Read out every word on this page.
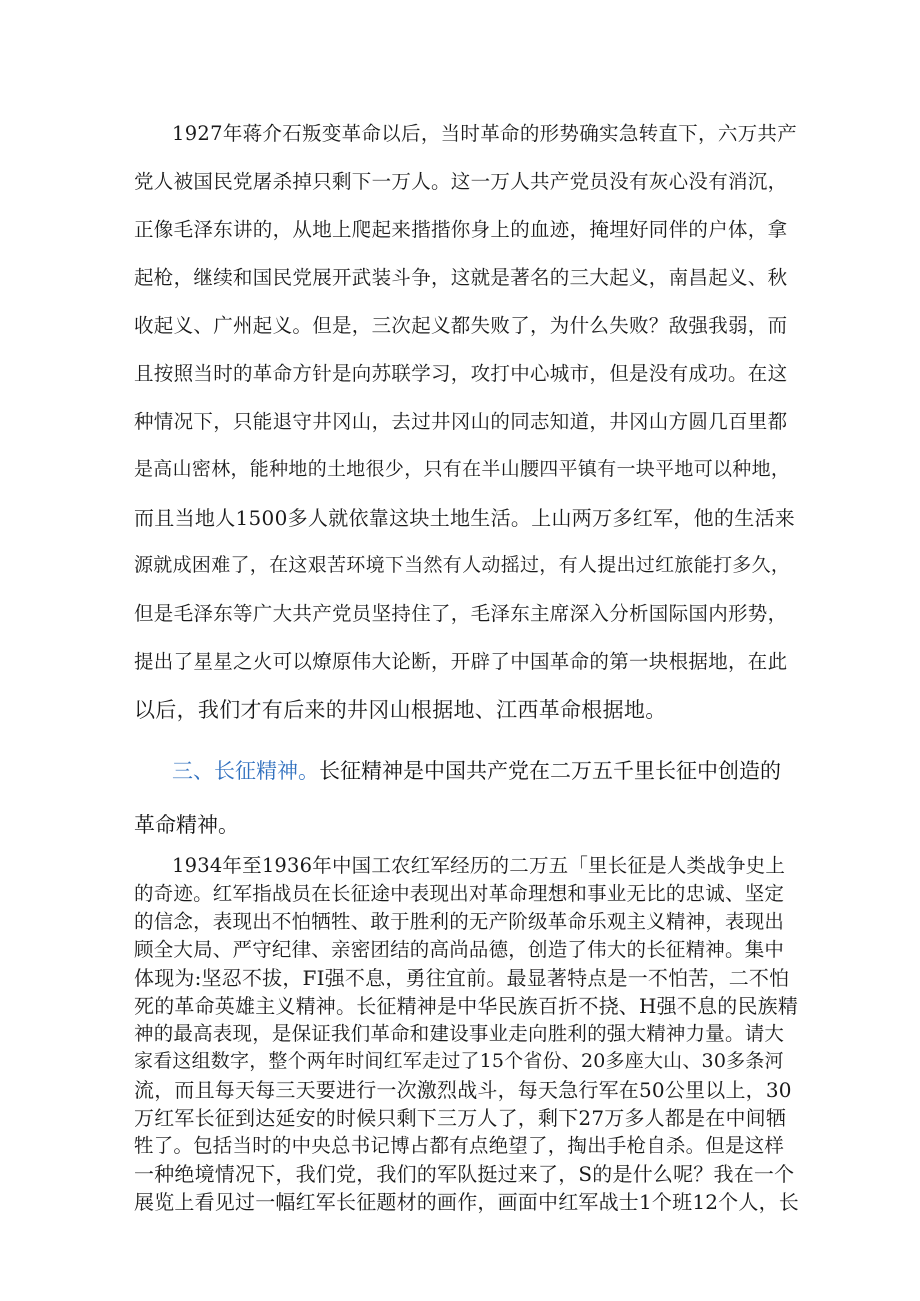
1927年蒋介石叛变革命以后，当时革命的形势确实急转直下，六万共产
党人被国民党屠杀掉只剩下一万人。这一万人共产党员没有灰心没有消沉，
正像毛泽东讲的，从地上爬起来揩揩你身上的血迹，掩埋好同伴的户体，拿
起枪，继续和国民党展开武装斗争，这就是著名的三大起义，南昌起义、秋
收起义、广州起义。但是，三次起义都失败了，为什么失败？敌强我弱，而
且按照当时的革命方针是向苏联学习，攻打中心城市，但是没有成功。在这
种情况下，只能退守井冈山，去过井冈山的同志知道，井冈山方圆几百里都
是高山密林，能种地的土地很少，只有在半山腰四平镇有一块平地可以种地，
而且当地人1500多人就依靠这块土地生活。上山两万多红军，他的生活来
源就成困难了，在这艰苦环境下当然有人动摇过，有人提出过红旅能打多久，
但是毛泽东等广大共产党员坚持住了，毛泽东主席深入分析国际国内形势，
提出了星星之火可以燎原伟大论断，开辟了中国革命的第一块根据地，在此
以后，我们才有后来的井冈山根据地、江西革命根据地。
三、长征精神。长征精神是中国共产党在二万五千里长征中创造的革命精神。
1934年至1936年中国工农红军经历的二万五「里长征是人类战争史上
的奇迹。红军指战员在长征途中表现出对革命理想和事业无比的忠诚、坚定
的信念，表现出不怕牺牲、敢于胜利的无产阶级革命乐观主义精神，表现出
顾全大局、严守纪律、亲密团结的高尚品德，创造了伟大的长征精神。集中
体现为:坚忍不拔，FI强不息，勇往宜前。最显著特点是一不怕苦，二不怕
死的革命英雄主义精神。长征精神是中华民族百折不挠、H强不息的民族精
神的最高表现，是保证我们革命和建设事业走向胜利的强大精神力量。请大
家看这组数字，整个两年时间红军走过了15个省份、20多座大山、30多条河
流，而且每天每三天要进行一次激烈战斗，每天急行军在50公里以上，30
万红军长征到达延安的时候只剩下三万人了，剩下27万多人都是在中间牺
牲了。包括当时的中央总书记博占都有点绝望了，掏出手枪自杀。但是这样
一种绝境情况下，我们党，我们的军队挺过来了，S的是什么呢？我在一个
展览上看见过一幅红军长征题材的画作，画面中红军战士1个班12个人，长
